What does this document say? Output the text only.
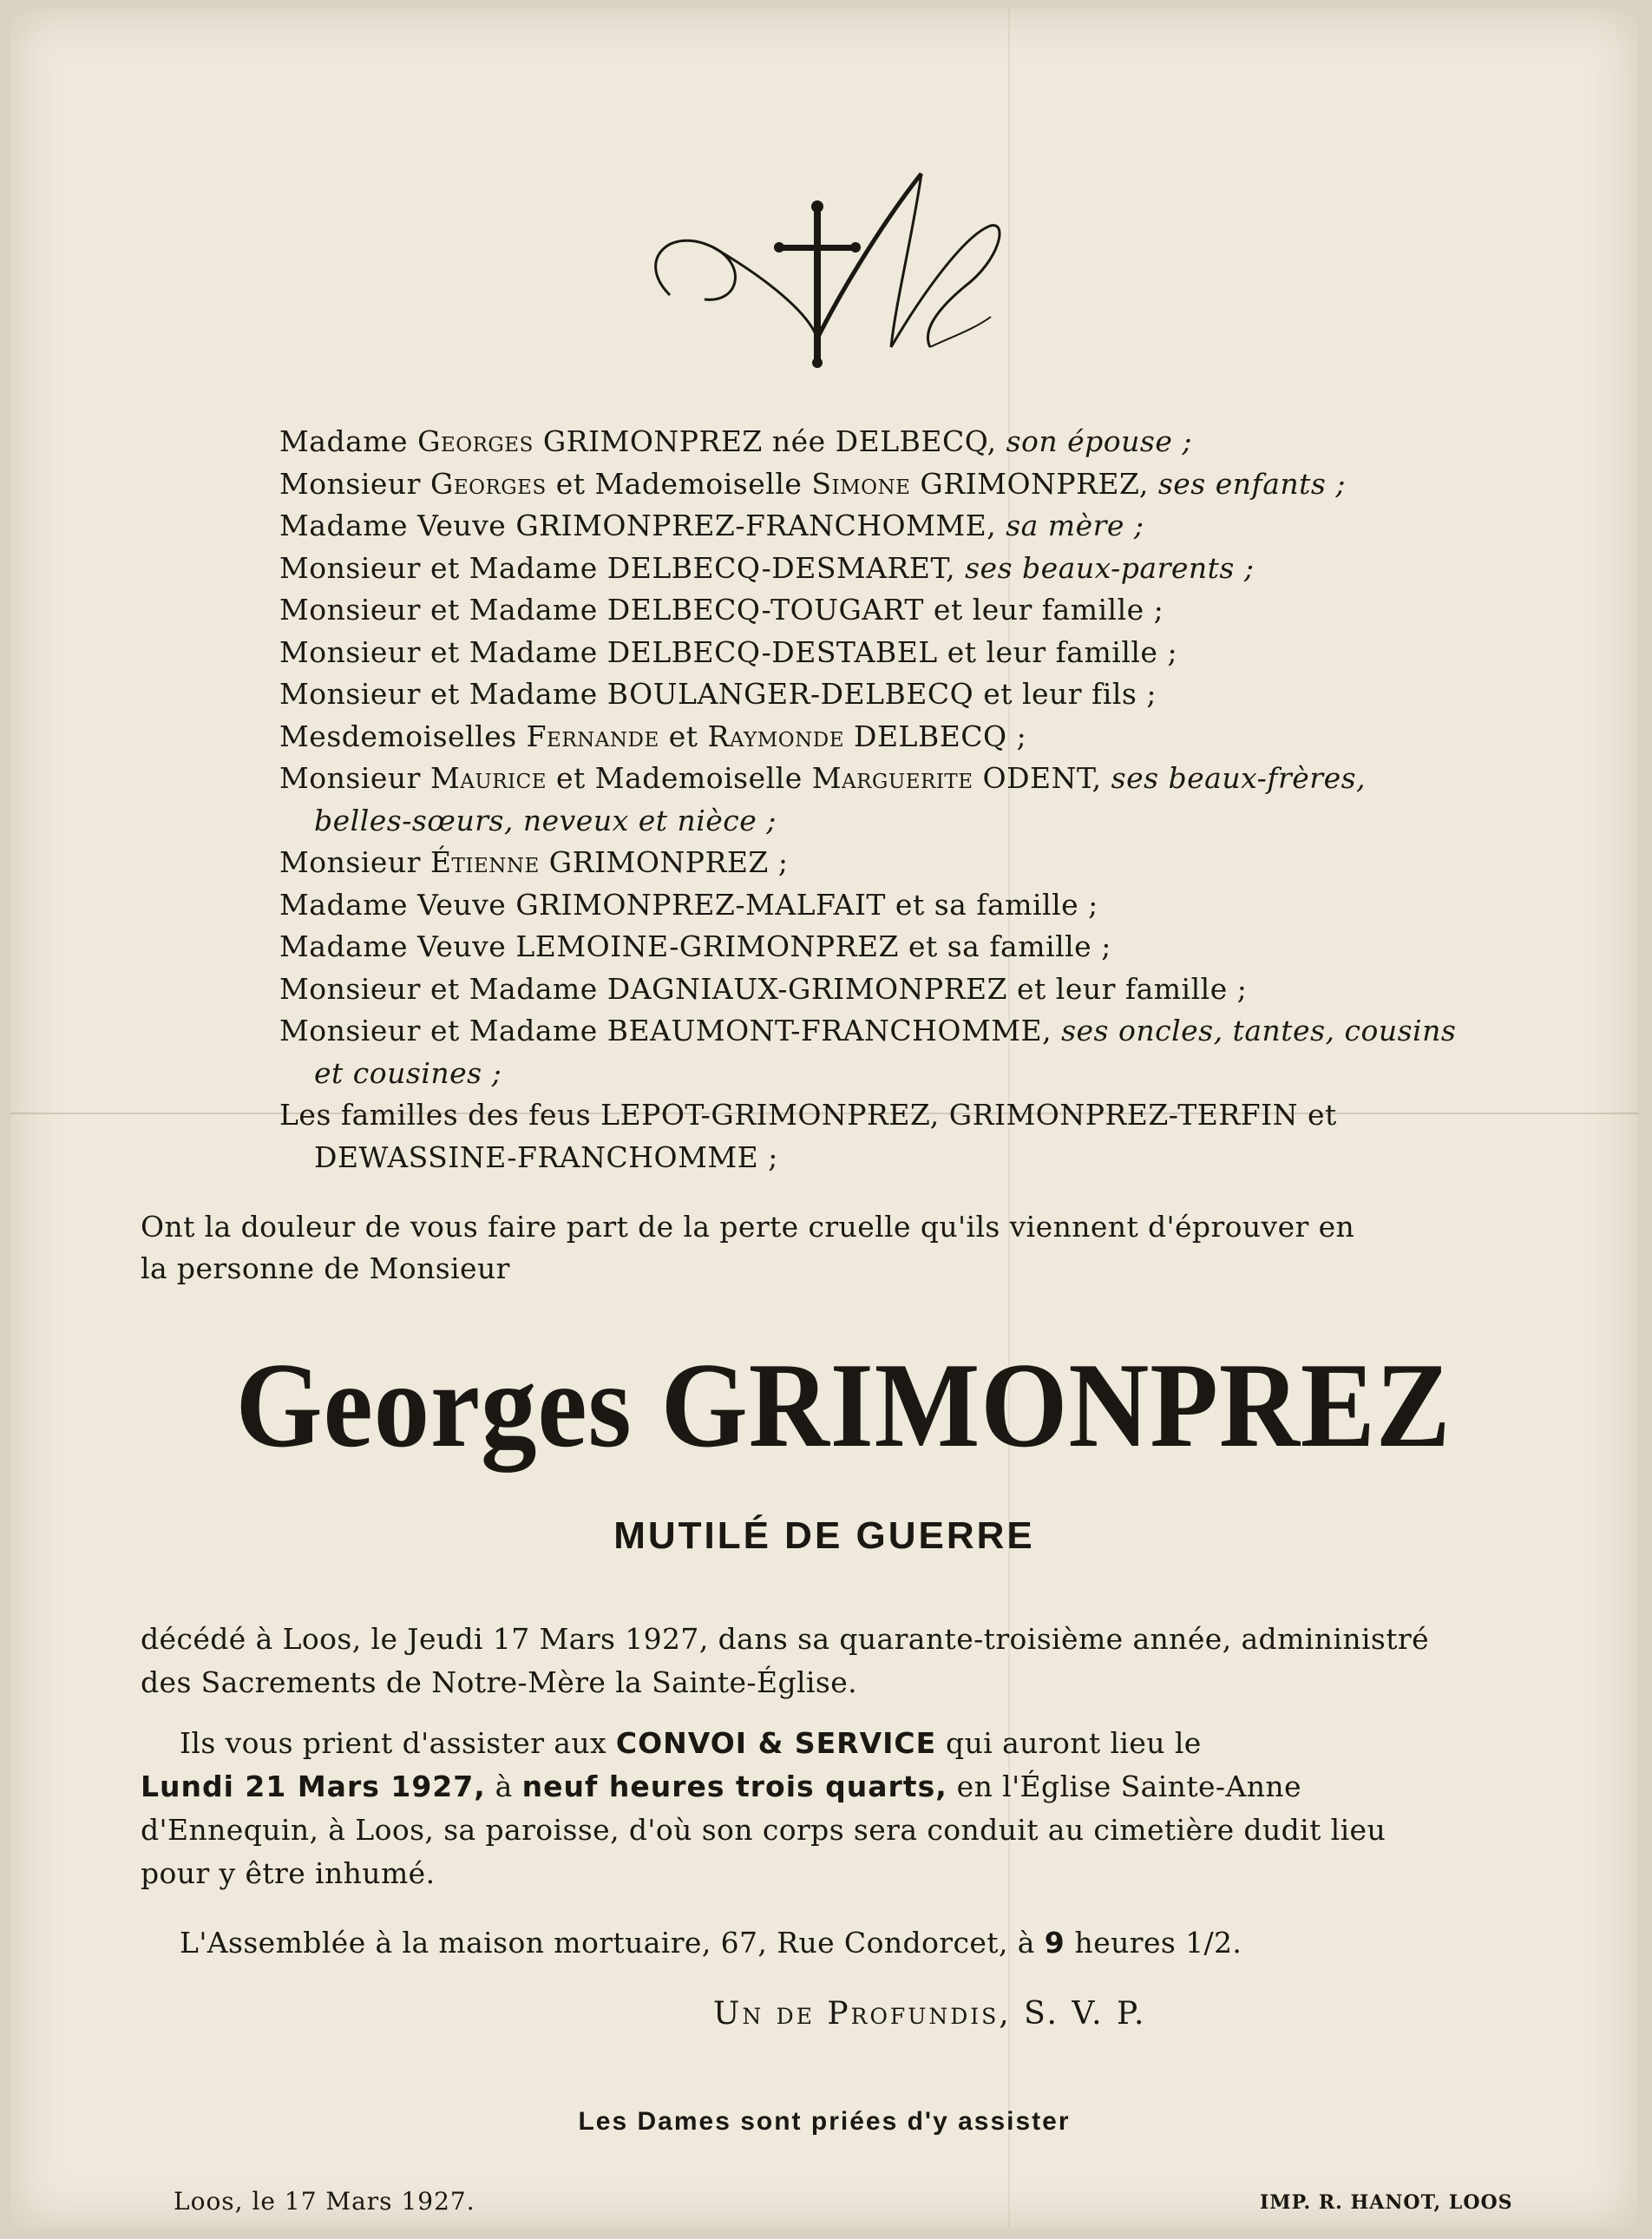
Madame Georges GRIMONPREZ née DELBECQ, son épouse ;
Monsieur Georges et Mademoiselle Simone GRIMONPREZ, ses enfants ;
Madame Veuve GRIMONPREZ-FRANCHOMME, sa mère ;
Monsieur et Madame DELBECQ-DESMARET, ses beaux-parents ;
Monsieur et Madame DELBECQ-TOUGART et leur famille ;
Monsieur et Madame DELBECQ-DESTABEL et leur famille ;
Monsieur et Madame BOULANGER-DELBECQ et leur fils ;
Mesdemoiselles Fernande et Raymonde DELBECQ ;
Monsieur Maurice et Mademoiselle Marguerite ODENT, ses beaux-frères,
belles-sœurs, neveux et nièce ;
Monsieur Étienne GRIMONPREZ ;
Madame Veuve GRIMONPREZ-MALFAIT et sa famille ;
Madame Veuve LEMOINE-GRIMONPREZ et sa famille ;
Monsieur et Madame DAGNIAUX-GRIMONPREZ et leur famille ;
Monsieur et Madame BEAUMONT-FRANCHOMME, ses oncles, tantes, cousins
et cousines ;
Les familles des feus LEPOT-GRIMONPREZ, GRIMONPREZ-TERFIN et
DEWASSINE-FRANCHOMME ;
Ont la douleur de vous faire part de la perte cruelle qu'ils viennent d'éprouver en
la personne de Monsieur
Georges GRIMONPREZ
MUTILÉ DE GUERRE
décédé à Loos, le Jeudi 17 Mars 1927, dans sa quarante-troisième année, admininistré
des Sacrements de Notre-Mère la Sainte-Église.
Ils vous prient d'assister aux CONVOI & SERVICE qui auront lieu le
Lundi 21 Mars 1927, à neuf heures trois quarts, en l'Église Sainte-Anne
d'Ennequin, à Loos, sa paroisse, d'où son corps sera conduit au cimetière dudit lieu
pour y être inhumé.
L'Assemblée à la maison mortuaire, 67, Rue Condorcet, à 9 heures 1/2.
Un de Profundis, S. V. P.
Les Dames sont priées d'y assister
Loos, le 17 Mars 1927.	IMP. R. HANOT, LOOS
